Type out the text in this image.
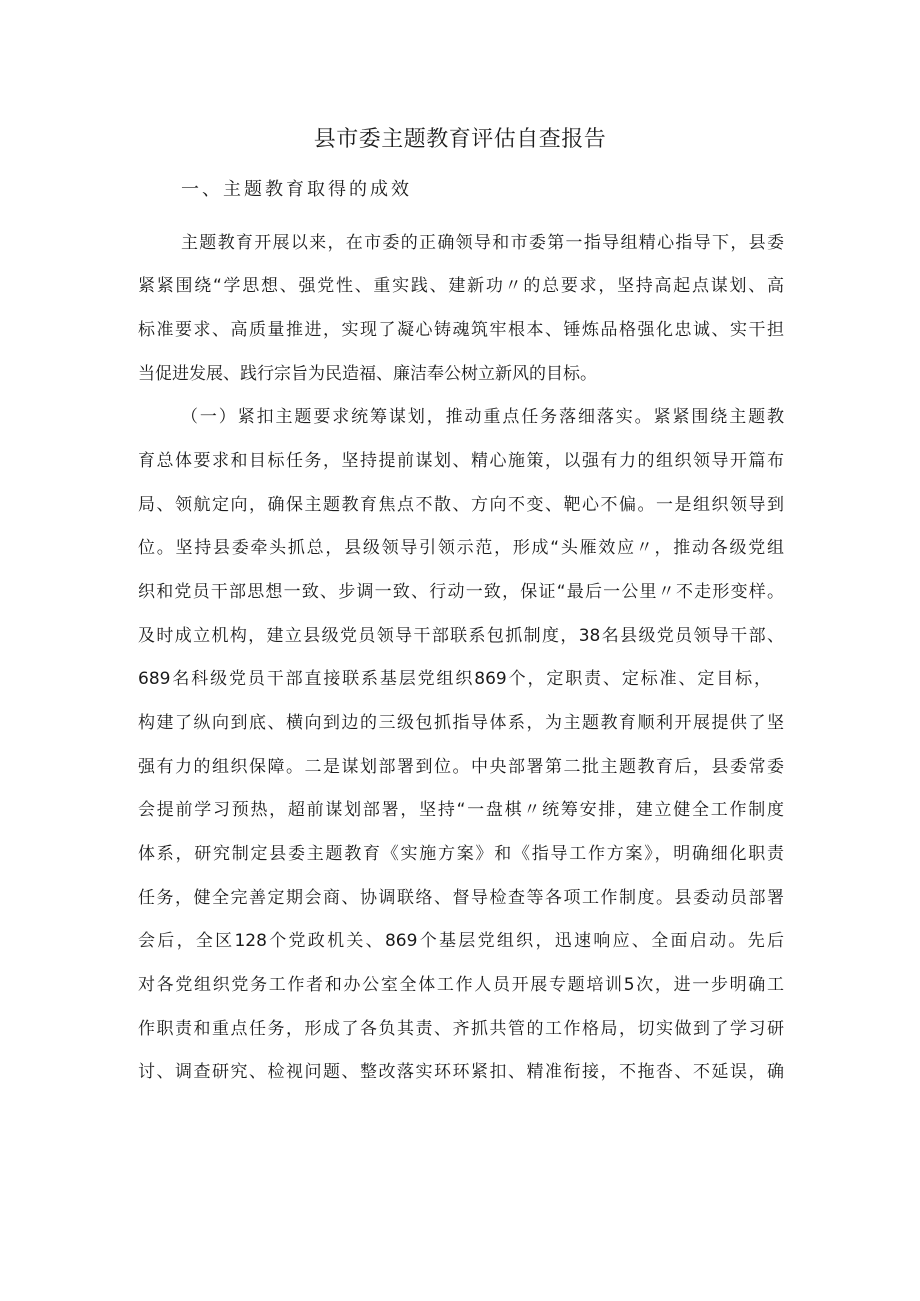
县市委主题教育评估自查报告
一、主题教育取得的成效
主题教育开展以来，在市委的正确领导和市委第一指导组精心指导下，县委
紧紧围绕“学思想、强党性、重实践、建新功〃的总要求，坚持高起点谋划、高
标准要求、高质量推进，实现了凝心铸魂筑牢根本、锤炼品格强化忠诚、实干担
当促进发展、践行宗旨为民造福、廉洁奉公树立新风的目标。
（一）紧扣主题要求统筹谋划，推动重点任务落细落实。紧紧围绕主题教
育总体要求和目标任务，坚持提前谋划、精心施策，以强有力的组织领导开篇布
局、领航定向，确保主题教育焦点不散、方向不变、靶心不偏。一是组织领导到
位。坚持县委牵头抓总，县级领导引领示范，形成“头雁效应〃，推动各级党组
织和党员干部思想一致、步调一致、行动一致，保证“最后一公里〃不走形变样。
及时成立机构，建立县级党员领导干部联系包抓制度，38名县级党员领导干部、
689名科级党员干部直接联系基层党组织869个，定职责、定标准、定目标，
构建了纵向到底、横向到边的三级包抓指导体系，为主题教育顺利开展提供了坚
强有力的组织保障。二是谋划部署到位。中央部署第二批主题教育后，县委常委
会提前学习预热，超前谋划部署，坚持“一盘棋〃统筹安排，建立健全工作制度
体系，研究制定县委主题教育《实施方案》和《指导工作方案》，明确细化职责
任务，健全完善定期会商、协调联络、督导检查等各项工作制度。县委动员部署
会后，全区128个党政机关、869个基层党组织，迅速响应、全面启动。先后
对各党组织党务工作者和办公室全体工作人员开展专题培训5次，进一步明确工
作职责和重点任务，形成了各负其责、齐抓共管的工作格局，切实做到了学习研
讨、调查研究、检视问题、整改落实环环紧扣、精准衔接，不拖沓、不延误，确
